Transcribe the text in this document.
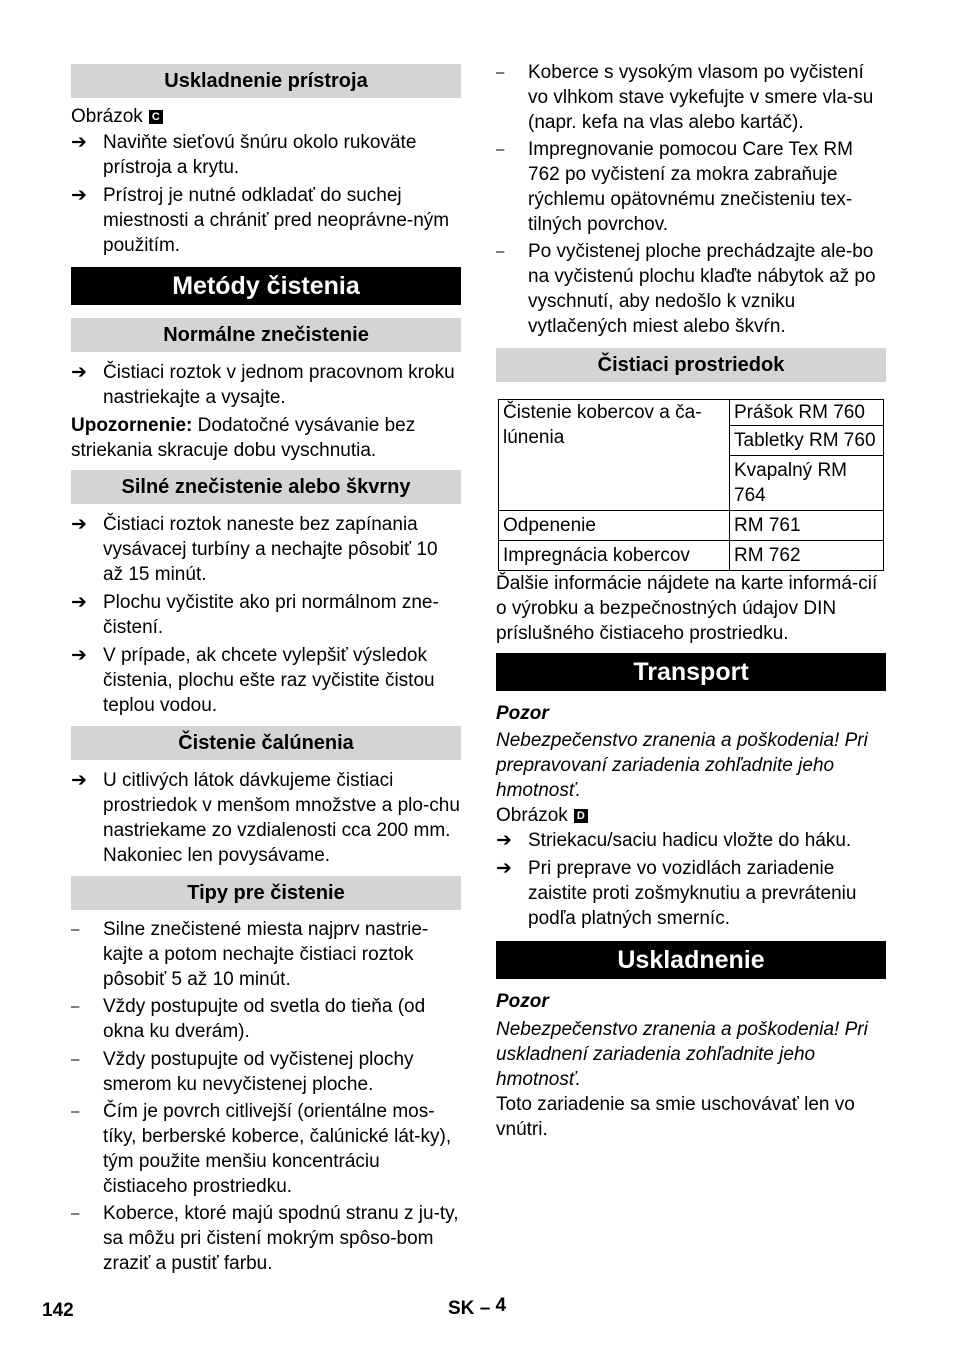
Uskladnenie prístroja

Obrázok C

➔ Naviňte sieťovú šnúru okolo rukoväte prístroja a krytu.
➔ Prístroj je nutné odkladať do suchej miestnosti a chrániť pred neoprávne-ným použitím.
Metódy čistenia
Normálne znečistenie
➔ Čistiaci roztok v jednom pracovnom kroku nastriekajte a vysajte.

Upozornenie: Dodatočné vysávanie bez striekania skracuje dobu vyschnutia.

Silné znečistenie alebo škvrny
➔ Čistiaci roztok naneste bez zapínania vysávacej turbíny a nechajte pôsobiť 10 až 15 minút.
➔ Plochu vyčistite ako pri normálnom zne-čistení.
➔ V prípade, ak chcete vylepšiť výsledok čistenia, plochu ešte raz vyčistite čistou teplou vodou.
Čistenie čalúnenia
➔ U citlivých látok dávkujeme čistiaci prostriedok v menšom množstve a plo-chu nastriekame zo vzdialenosti cca 200 mm. Nakoniec len povysávame.
Tipy pre čistenie
–	Silne znečistené miesta najprv nastrie-kajte a potom nechajte čistiaci roztok pôsobiť 5 až 10 minút.
–	Vždy postupujte od svetla do tieňa (od okna ku dverám).
–	Vždy postupujte od vyčistenej plochy smerom ku nevyčistenej ploche.
–	Čím je povrch citlivejší (orientálne mos-tíky, berberské koberce, čalúnické lát-ky), tým použite menšiu koncentráciu čistiaceho prostriedku.
–	Koberce, ktoré majú spodnú stranu z ju-ty, sa môžu pri čistení mokrým spôso-bom zraziť a pustiť farbu.
–	Koberce s vysokým vlasom po vyčistení vo vlhkom stave vykefujte v smere vla-su (napr. kefa na vlas alebo kartáč).
–	Impregnovanie pomocou Care Tex RM 762 po vyčistení za mokra zabraňuje rýchlemu opätovnému znečisteniu tex-tilných povrchov.
–	Po vyčistenej ploche prechádzajte ale-bo na vyčistenú plochu klaďte nábytok až po vyschnutí, aby nedošlo k vzniku vytlačených miest alebo škvŕn.
Čistiaci prostriedok
Čistenie kobercov a ča-lúnenia	Prášok RM 760
	Tabletky RM 760
	Kvapalný RM 764
Odpenenie	RM 761
Impregnácia kobercov	RM 762

Ďalšie informácie nájdete na karte informá-cií o výrobku a bezpečnostných údajov DIN príslušného čistiaceho prostriedku.

Transport

Pozor

Nebezpečenstvo zranenia a poškodenia! Pri prepravovaní zariadenia zohľadnite jeho hmotnosť.

Obrázok D

➔ Striekacu/saciu hadicu vložte do háku.
➔ Pri preprave vo vozidlách zariadenie zaistite proti zošmyknutiu a prevráteniu podľa platných smerníc.
Uskladnenie

Pozor

Nebezpečenstvo zranenia a poškodenia! Pri uskladnení zariadenia zohľadnite jeho hmotnosť.

Toto zariadenie sa smie uschovávať len vo vnútri.

142	SK – 4
